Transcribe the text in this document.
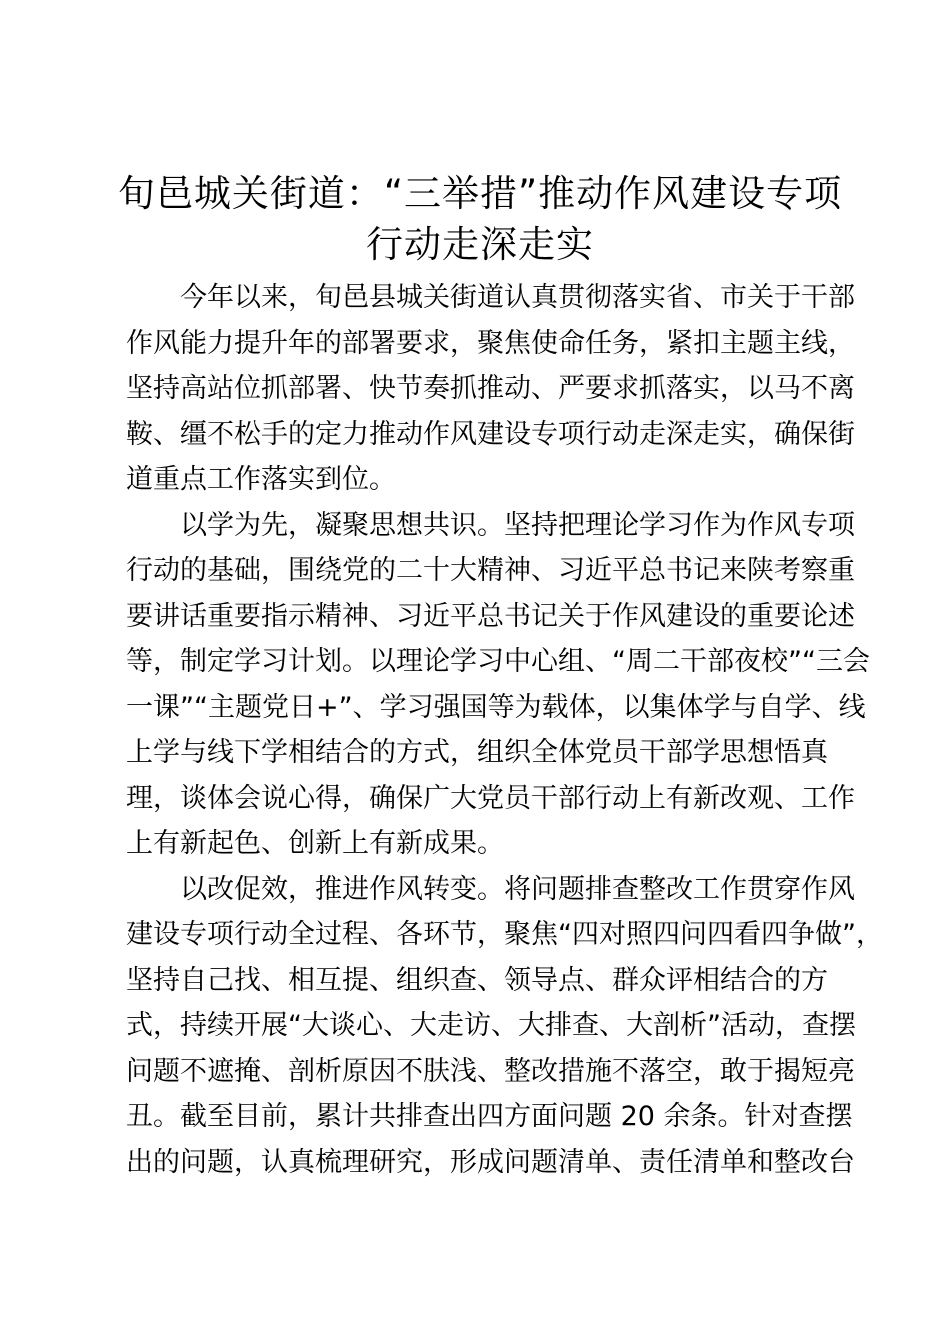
旬邑城关街道：“三举措”推动作风建设专项
行动走深走实
今年以来，旬邑县城关街道认真贯彻落实省、市关于干部
作风能力提升年的部署要求，聚焦使命任务，紧扣主题主线，
坚持高站位抓部署、快节奏抓推动、严要求抓落实，以马不离
鞍、缰不松手的定力推动作风建设专项行动走深走实，确保街
道重点工作落实到位。
以学为先，凝聚思想共识。坚持把理论学习作为作风专项
行动的基础，围绕党的二十大精神、习近平总书记来陕考察重
要讲话重要指示精神、习近平总书记关于作风建设的重要论述
等，制定学习计划。以理论学习中心组、“周二干部夜校”“三会
一课”“主题党日+”、学习强国等为载体，以集体学与自学、线
上学与线下学相结合的方式，组织全体党员干部学思想悟真
理，谈体会说心得，确保广大党员干部行动上有新改观、工作
上有新起色、创新上有新成果。
以改促效，推进作风转变。将问题排查整改工作贯穿作风
建设专项行动全过程、各环节，聚焦“四对照四问四看四争做”，
坚持自己找、相互提、组织查、领导点、群众评相结合的方
式，持续开展“大谈心、大走访、大排查、大剖析”活动，查摆
问题不遮掩、剖析原因不肤浅、整改措施不落空，敢于揭短亮
丑。截至目前，累计共排查出四方面问题 20 余条。针对查摆
出的问题，认真梳理研究，形成问题清单、责任清单和整改台
